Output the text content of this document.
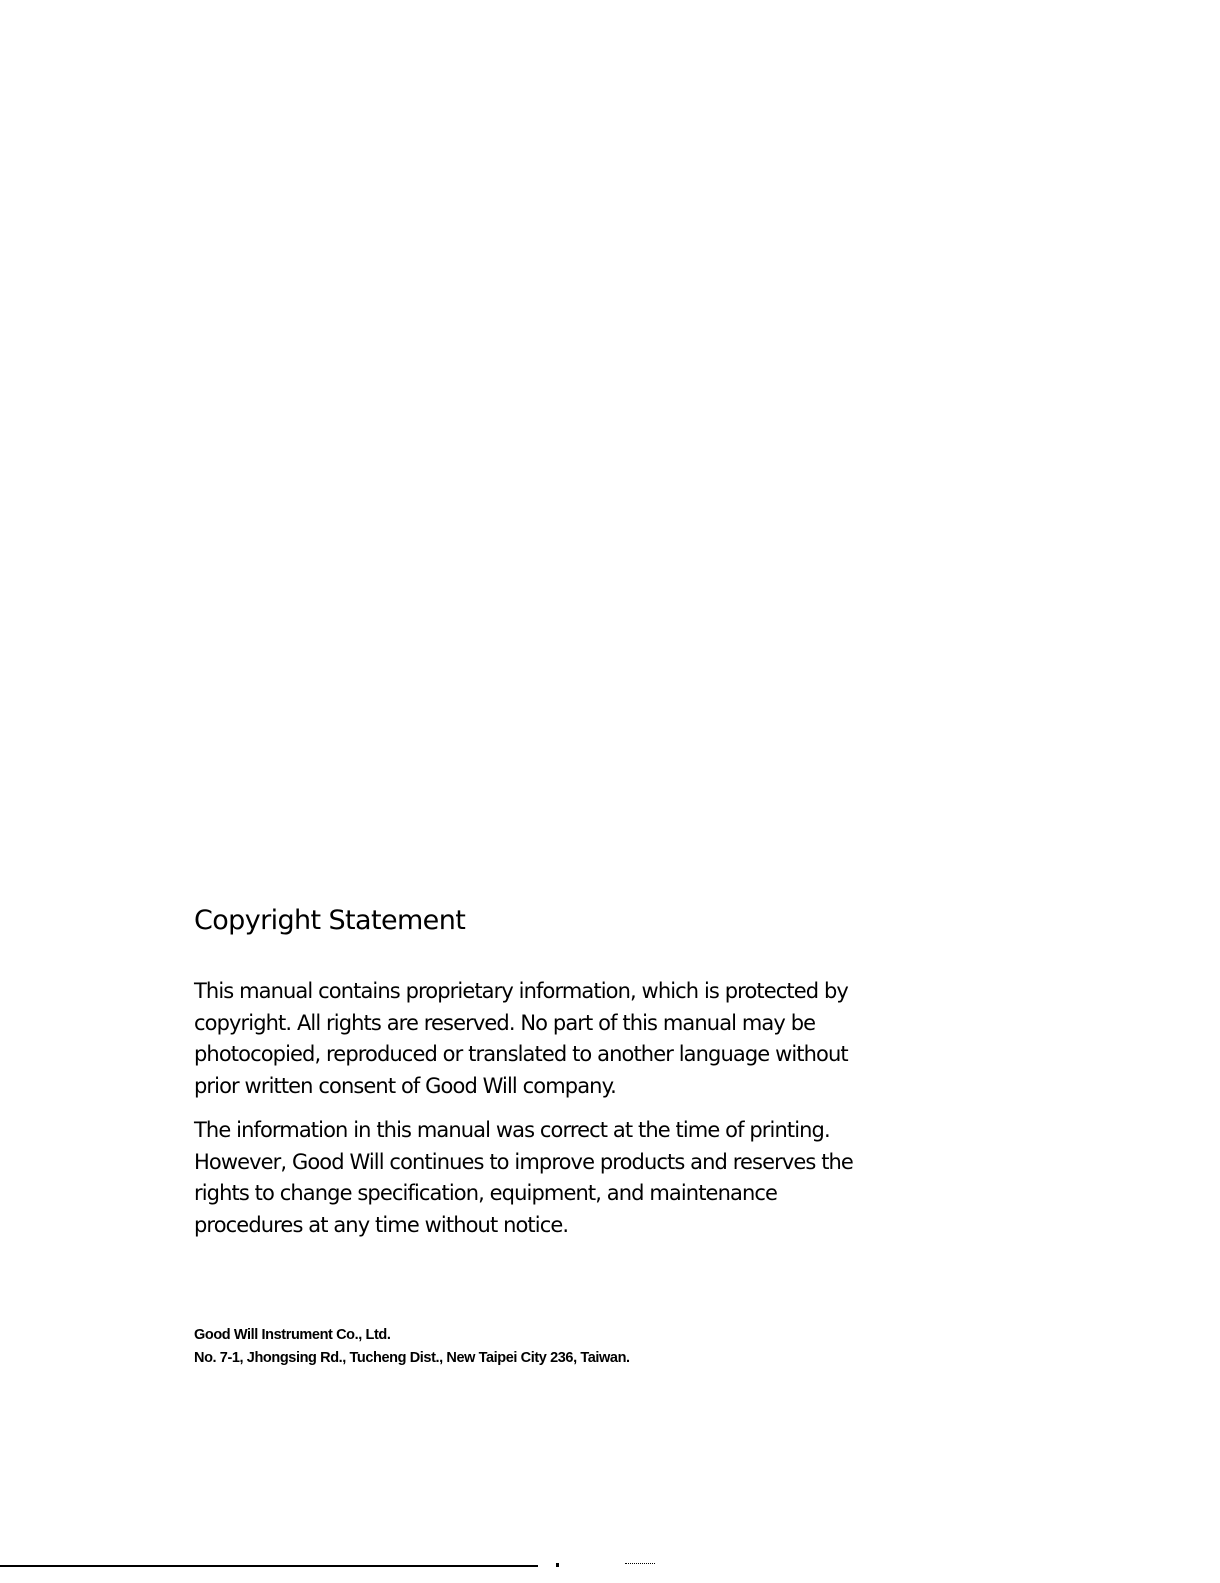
Copyright Statement

This manual contains proprietary information, which is protected by
copyright. All rights are reserved. No part of this manual may be
photocopied, reproduced or translated to another language without
prior written consent of Good Will company.

The information in this manual was correct at the time of printing.
However, Good Will continues to improve products and reserves the
rights to change specification, equipment, and maintenance
procedures at any time without notice.

Good Will Instrument Co., Ltd.
No. 7-1, Jhongsing Rd., Tucheng Dist., New Taipei City 236, Taiwan.
